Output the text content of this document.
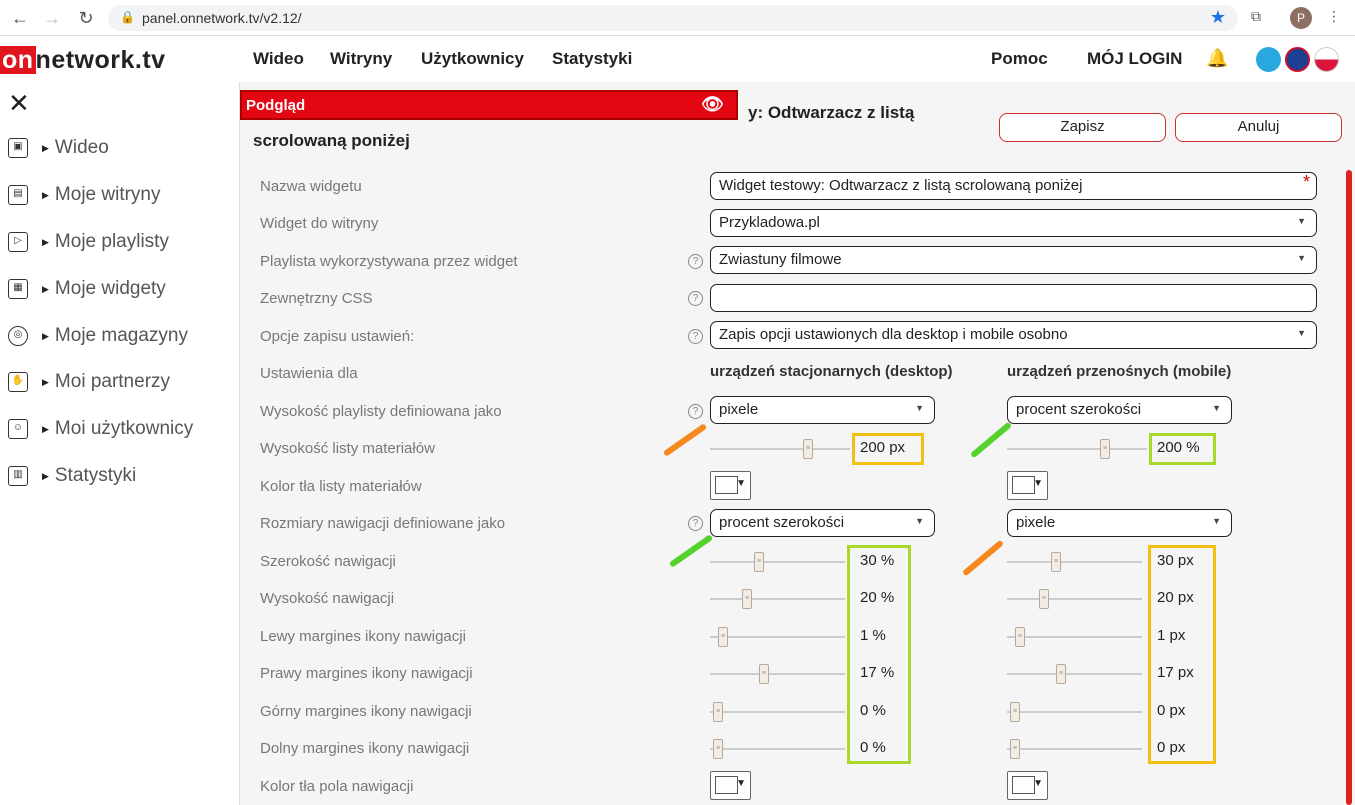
← → ↻	🔒 panel.onnetwork.tv/v2.12/	★ ⧉	P	⋮
onnetwork.tv	Wideo Witryny Użytkownicy Statystyki	Pomoc MÓJ LOGIN 🔔
✕
▣	▶ Wideo
▤	▶ Moje witryny
▷	▶ Moje playlisty
▦	▶ Moje widgety
◎	▶ Moje magazyny
✋	▶ Moi partnerzy
☺	▶ Moi użytkownicy
▥	▶ Statystyki
Podgląd	👁 y: Odtwarzacz z listą
scrolowaną poniżej
Zapisz	Anuluj
Nazwa widgetu	Widget testowy: Odtwarzacz z listą scrolowaną poniżej	*
Widget do witryny	Przykladowa.pl	▼
Playlista wykorzystywana przez widget	?	Zwiastuny filmowe	▼
Zewnętrzny CSS	?
Opcje zapisu ustawień:	?	Zapis opcji ustawionych dla desktop i mobile osobno	▼
Ustawienia dla	urządzeń stacjonarnych (desktop)	urządzeń przenośnych (mobile)
Wysokość playlisty definiowana jako	?	pixele	▼	procent szerokości	▼
Wysokość listy materiałów	≡	200 px	≡	200 %
Kolor tła listy materiałów	▼	▼
Rozmiary nawigacji definiowane jako	?	procent szerokości	▼	pixele	▼
Szerokość nawigacji	≡	30 %	≡	30 px
Wysokość nawigacji	≡	20 %	≡	20 px
Lewy margines ikony nawigacji	≡	1 %	≡	1 px
Prawy margines ikony nawigacji	≡	17 %	≡	17 px
Górny margines ikony nawigacji	≡	0 %	≡	0 px
Dolny margines ikony nawigacji	≡	0 %	≡	0 px
Kolor tła pola nawigacji	▼	▼
